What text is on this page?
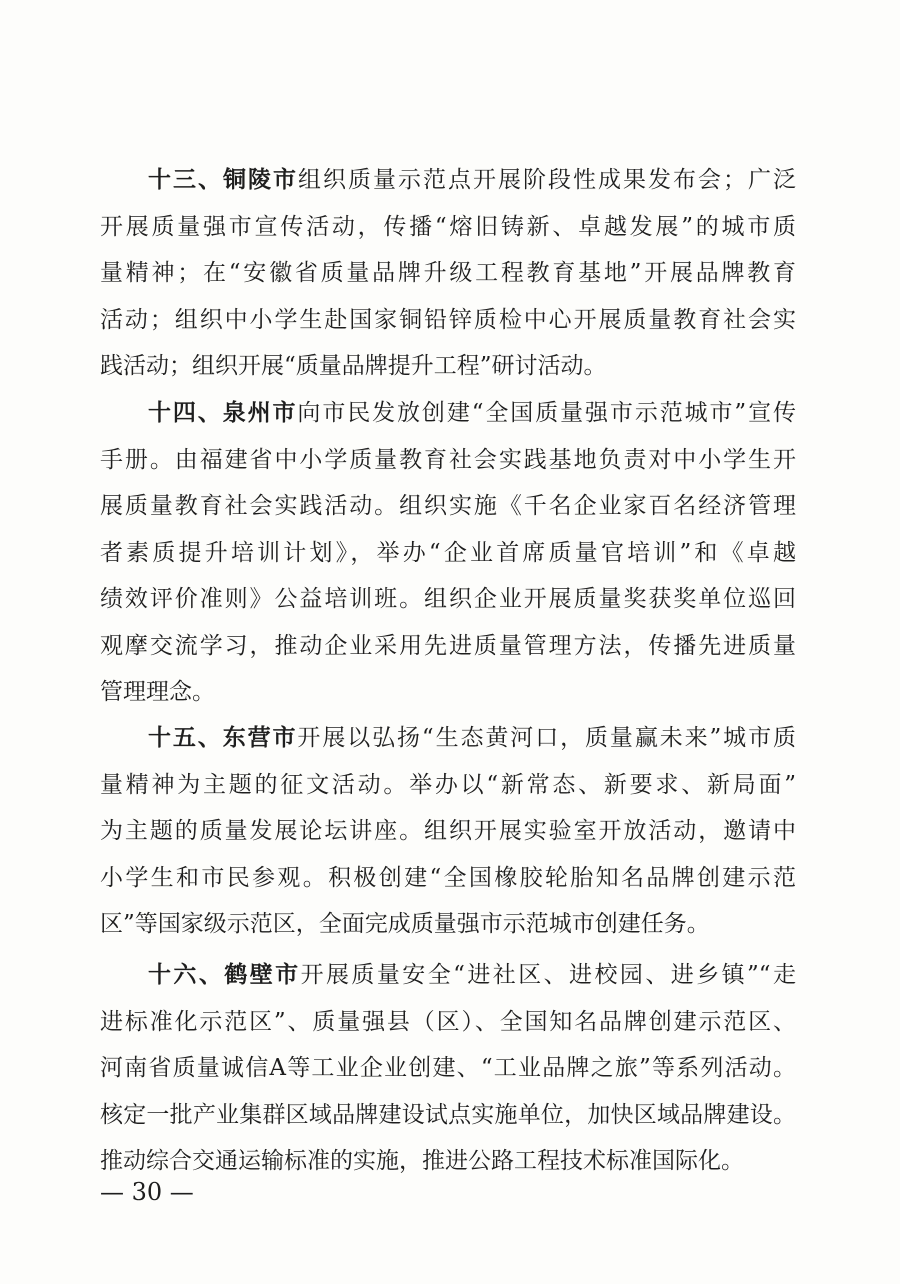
十三、铜陵市组织质量示范点开展阶段性成果发布会；广泛
开展质量强市宣传活动，传播“熔旧铸新、卓越发展”的城市质
量精神；在“安徽省质量品牌升级工程教育基地”开展品牌教育
活动；组织中小学生赴国家铜铅锌质检中心开展质量教育社会实
践活动；组织开展“质量品牌提升工程”研讨活动。
十四、泉州市向市民发放创建“全国质量强市示范城市”宣传
手册。由福建省中小学质量教育社会实践基地负责对中小学生开
展质量教育社会实践活动。组织实施《千名企业家百名经济管理
者素质提升培训计划》，举办“企业首席质量官培训”和《卓越
绩效评价准则》公益培训班。组织企业开展质量奖获奖单位巡回
观摩交流学习，推动企业采用先进质量管理方法，传播先进质量
管理理念。
十五、东营市开展以弘扬“生态黄河口，质量赢未来”城市质
量精神为主题的征文活动。举办以“新常态、新要求、新局面”
为主题的质量发展论坛讲座。组织开展实验室开放活动，邀请中
小学生和市民参观。积极创建“全国橡胶轮胎知名品牌创建示范
区”等国家级示范区，全面完成质量强市示范城市创建任务。
十六、鹤壁市开展质量安全“进社区、进校园、进乡镇”“走
进标准化示范区”、质量强县（区）、全国知名品牌创建示范区、
河南省质量诚信A等工业企业创建、“工业品牌之旅”等系列活动。
核定一批产业集群区域品牌建设试点实施单位，加快区域品牌建设。
推动综合交通运输标准的实施，推进公路工程技术标准国际化。
— 30 —
